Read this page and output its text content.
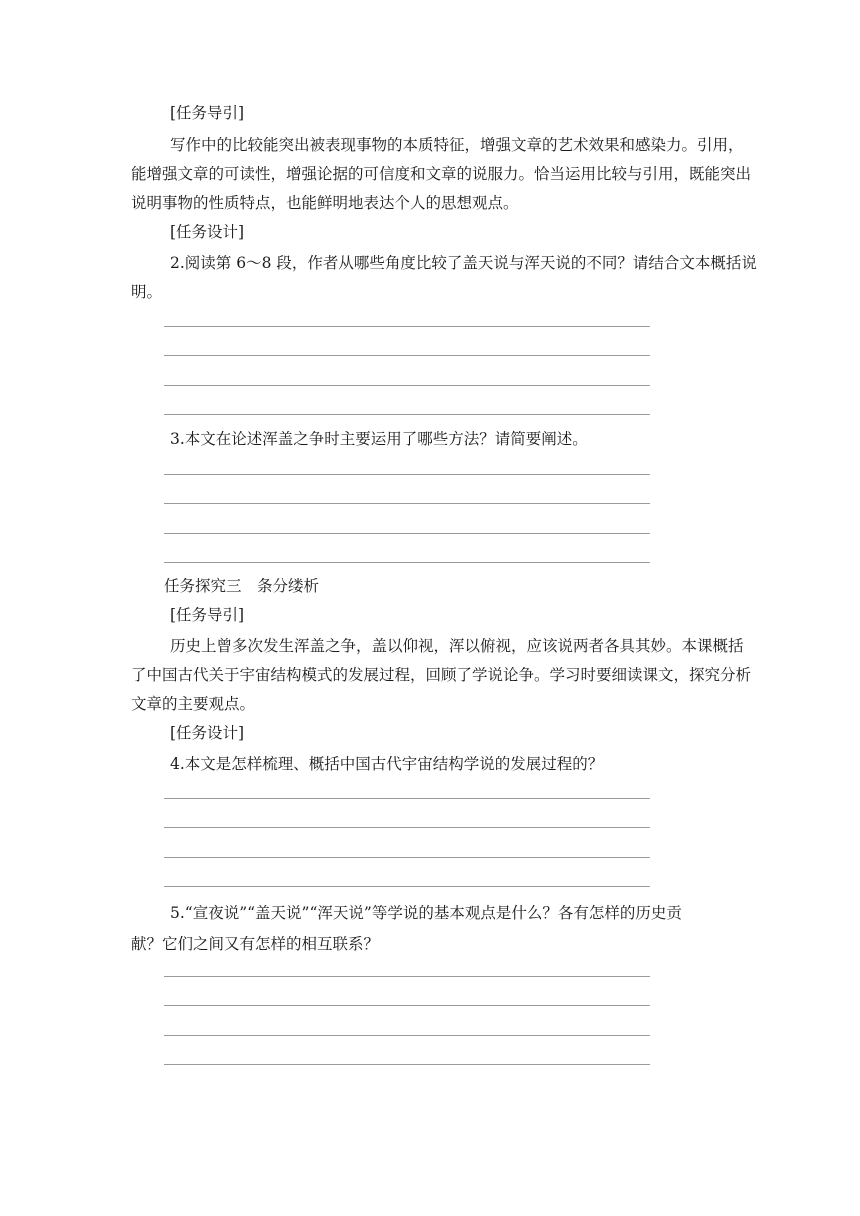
[任务导引]
写作中的比较能突出被表现事物的本质特征，增强文章的艺术效果和感染力。引用，
能增强文章的可读性，增强论据的可信度和文章的说服力。恰当运用比较与引用，既能突出
说明事物的性质特点，也能鲜明地表达个人的思想观点。
[任务设计]
2.阅读第 6～8 段，作者从哪些角度比较了盖天说与浑天说的不同？请结合文本概括说
明。
3.本文在论述浑盖之争时主要运用了哪些方法？请简要阐述。
任务探究三　条分缕析
[任务导引]
历史上曾多次发生浑盖之争，盖以仰视，浑以俯视，应该说两者各具其妙。本课概括
了中国古代关于宇宙结构模式的发展过程，回顾了学说论争。学习时要细读课文，探究分析
文章的主要观点。
[任务设计]
4.本文是怎样梳理、概括中国古代宇宙结构学说的发展过程的？
5.“宣夜说”“盖天说”“浑天说”等学说的基本观点是什么？各有怎样的历史贡
献？它们之间又有怎样的相互联系？
